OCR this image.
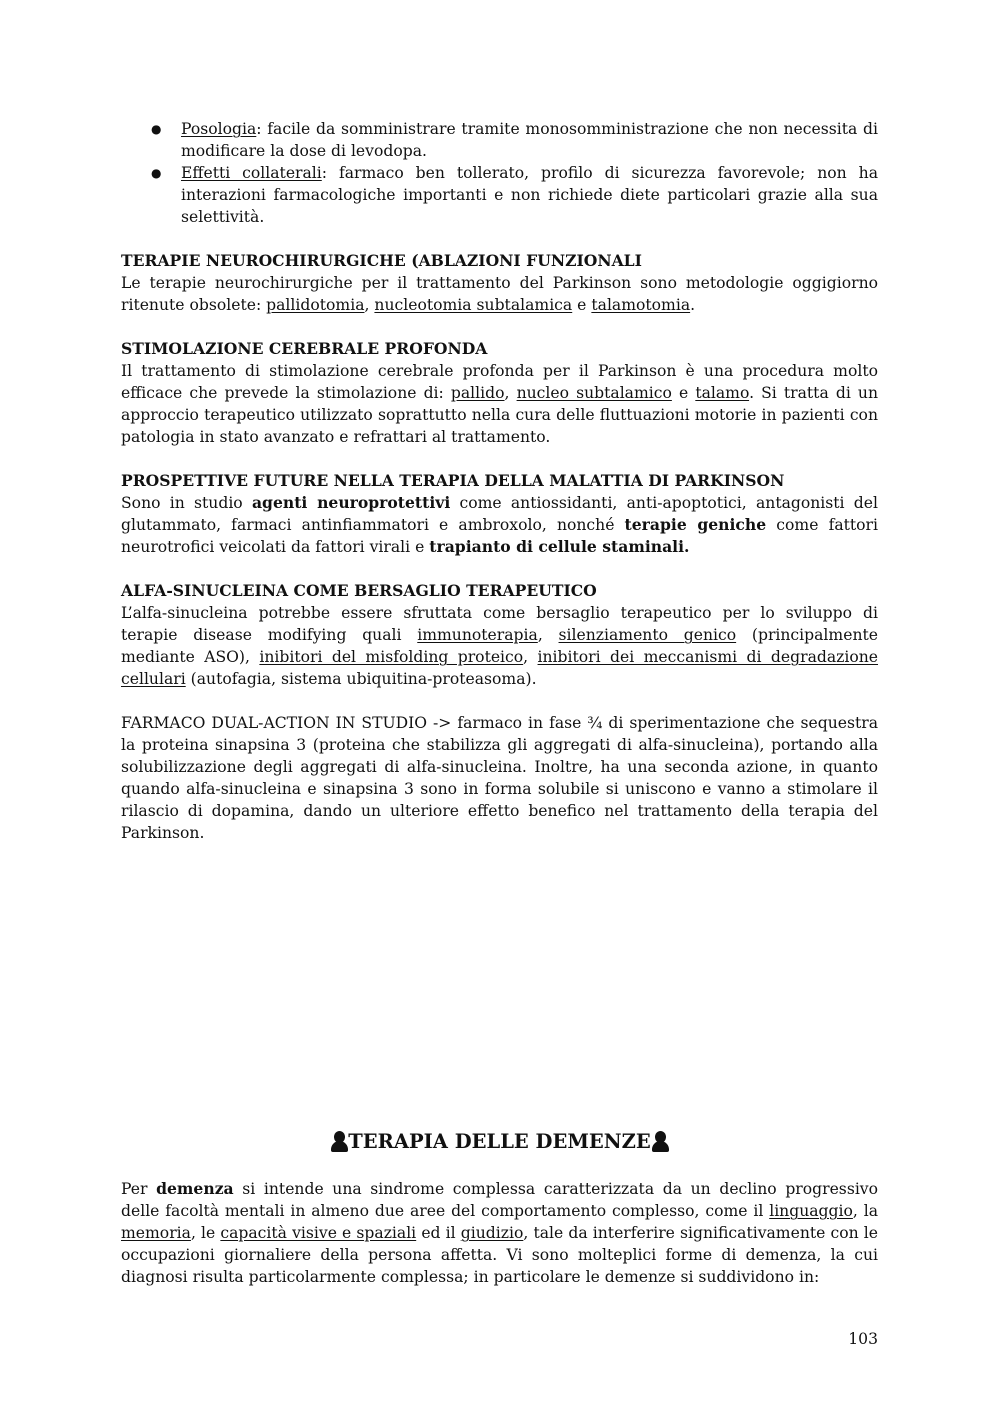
● Posologia: facile da somministrare tramite monosomministrazione che non necessita di modificare la dose di levodopa.
● Effetti collaterali: farmaco ben tollerato, profilo di sicurezza favorevole; non ha interazioni farmacologiche importanti e non richiede diete particolari grazie alla sua selettività.

TERAPIE NEUROCHIRURGICHE (ABLAZIONI FUNZIONALI

Le terapie neurochirurgiche per il trattamento del Parkinson sono metodologie oggigiorno ritenute obsolete: pallidotomia, nucleotomia subtalamica e talamotomia.

STIMOLAZIONE CEREBRALE PROFONDA

Il trattamento di stimolazione cerebrale profonda per il Parkinson è una procedura molto efficace che prevede la stimolazione di: pallido, nucleo subtalamico e talamo. Si tratta di un approccio terapeutico utilizzato soprattutto nella cura delle fluttuazioni motorie in pazienti con patologia in stato avanzato e refrattari al trattamento.

PROSPETTIVE FUTURE NELLA TERAPIA DELLA MALATTIA DI PARKINSON

Sono in studio agenti neuroprotettivi come antiossidanti, anti-apoptotici, antagonisti del glutammato, farmaci antinfiammatori e ambroxolo, nonché terapie geniche come fattori neurotrofici veicolati da fattori virali e trapianto di cellule staminali.

ALFA-SINUCLEINA COME BERSAGLIO TERAPEUTICO

L’alfa-sinucleina potrebbe essere sfruttata come bersaglio terapeutico per lo sviluppo di terapie disease modifying quali immunoterapia, silenziamento genico (principalmente mediante ASO), inibitori del misfolding proteico, inibitori dei meccanismi di degradazione cellulari (autofagia, sistema ubiquitina-proteasoma).

FARMACO DUAL-ACTION IN STUDIO -> farmaco in fase ¾ di sperimentazione che sequestra la proteina sinapsina 3 (proteina che stabilizza gli aggregati di alfa-sinucleina), portando alla solubilizzazione degli aggregati di alfa-sinucleina. Inoltre, ha una seconda azione, in quanto quando alfa-sinucleina e sinapsina 3 sono in forma solubile si uniscono e vanno a stimolare il rilascio di dopamina, dando un ulteriore effetto benefico nel trattamento della terapia del Parkinson.

TERAPIA DELLE DEMENZE

Per demenza si intende una sindrome complessa caratterizzata da un declino progressivo delle facoltà mentali in almeno due aree del comportamento complesso, come il linguaggio, la memoria, le capacità visive e spaziali ed il giudizio, tale da interferire significativamente con le occupazioni giornaliere della persona affetta. Vi sono molteplici forme di demenza, la cui diagnosi risulta particolarmente complessa; in particolare le demenze si suddividono in:

103
